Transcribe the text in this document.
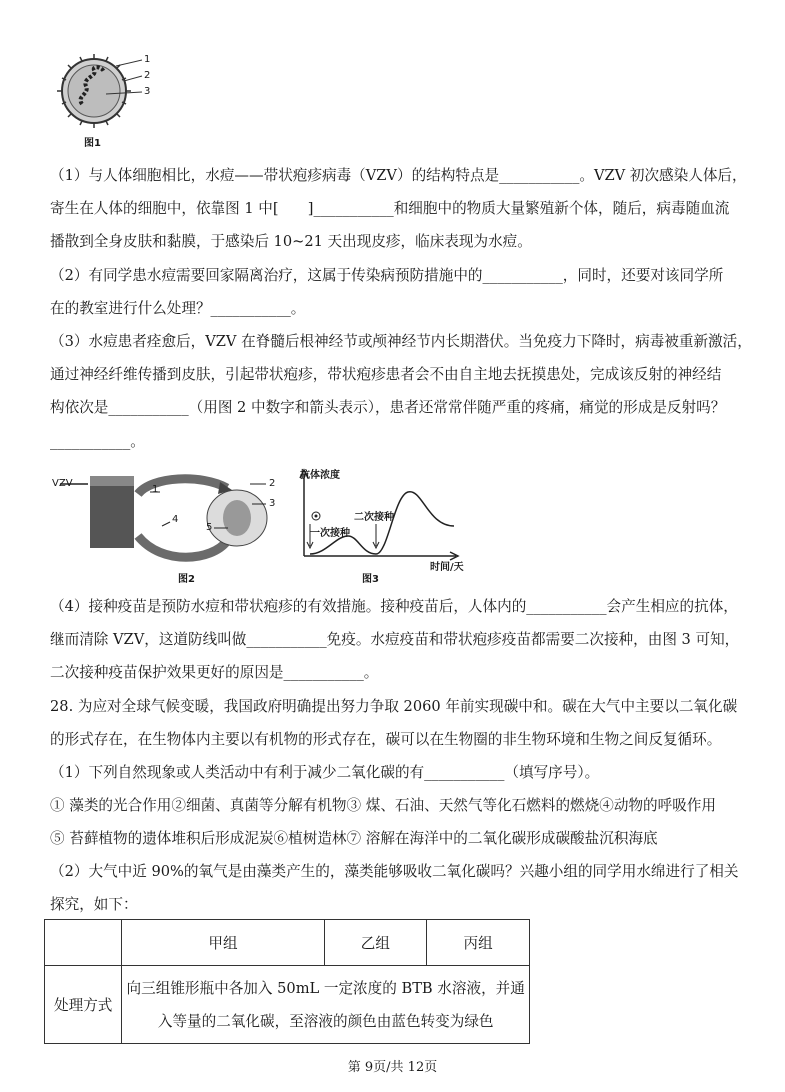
1
2
3
图1
（1）与人体细胞相比，水痘——带状疱疹病毒（VZV）的结构特点是___________。VZV 初次感染人体后，
寄生在人体的细胞中，依靠图 1 中[　　]___________和细胞中的物质大量繁殖新个体，随后，病毒随血流
播散到全身皮肤和黏膜，于感染后 10~21 天出现皮疹，临床表现为水痘。
（2）有同学患水痘需要回家隔离治疗，这属于传染病预防措施中的___________，同时，还要对该同学所
在的教室进行什么处理？___________。
（3）水痘患者痊愈后，VZV 在脊髓后根神经节或颅神经节内长期潜伏。当免疫力下降时，病毒被重新激活，
通过神经纤维传播到皮肤，引起带状疱疹，带状疱疹患者会不由自主地去抚摸患处，完成该反射的神经结
构依次是___________（用图 2 中数字和箭头表示），患者还常常伴随严重的疼痛，痛觉的形成是反射吗？
___________。
VZV
1
2
3
4
5
图2
抗体浓度
一次接种
二次接种
时间/天
图3
（4）接种疫苗是预防水痘和带状疱疹的有效措施。接种疫苗后，人体内的___________会产生相应的抗体，
继而清除 VZV，这道防线叫做___________免疫。水痘疫苗和带状疱疹疫苗都需要二次接种，由图 3 可知，
二次接种疫苗保护效果更好的原因是___________。
28. 为应对全球气候变暖，我国政府明确提出努力争取 2060 年前实现碳中和。碳在大气中主要以二氧化碳
的形式存在，在生物体内主要以有机物的形式存在，碳可以在生物圈的非生物环境和生物之间反复循环。
（1）下列自然现象或人类活动中有利于减少二氧化碳的有___________（填写序号）。
① 藻类的光合作用②细菌、真菌等分解有机物③ 煤、石油、天然气等化石燃料的燃烧④动物的呼吸作用
⑤ 苔藓植物的遗体堆积后形成泥炭⑥植树造林⑦ 溶解在海洋中的二氧化碳形成碳酸盐沉积海底
（2）大气中近 90%的氧气是由藻类产生的，藻类能够吸收二氧化碳吗？兴趣小组的同学用水绵进行了相关
探究，如下：
	甲组	乙组	丙组
处理方式	向三组锥形瓶中各加入 50mL 一定浓度的 BTB 水溶液，并通
入等量的二氧化碳，至溶液的颜色由蓝色转变为绿色		
第 9页/共 12页
